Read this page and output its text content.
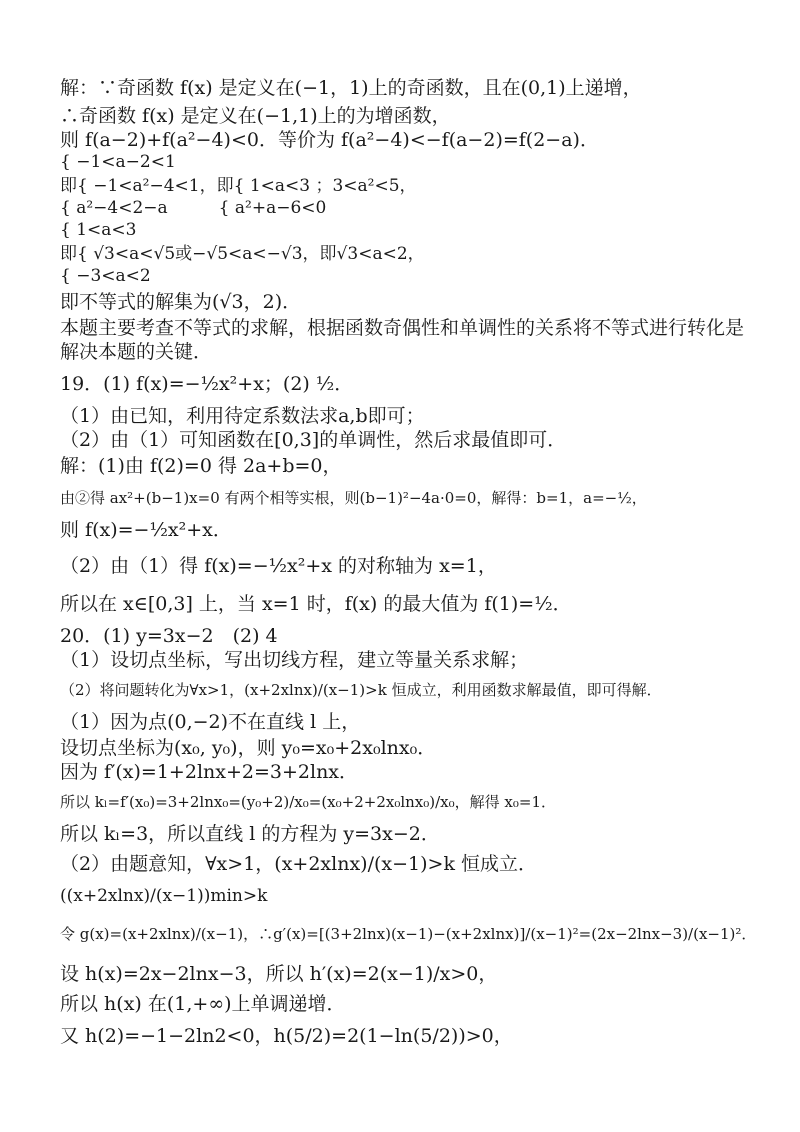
解：∵奇函数 f(x) 是定义在(−1，1)上的奇函数，且在(0,1)上递增，
∴奇函数 f(x) 是定义在(−1,1)上的为增函数，
则 f(a−2)+f(a²−4)<0．等价为 f(a²−4)<−f(a−2)=f(2−a)．
{ −1<a−2<1
即{ −1<a²−4<1，即{ 1<a<3 ；3<a²<5，
{ a²−4<2−a　　　{ a²+a−6<0
{ 1<a<3
即{ √3<a<√5或−√5<a<−√3，即√3<a<2，
{ −3<a<2
即不等式的解集为(√3，2)．
本题主要考查不等式的求解，根据函数奇偶性和单调性的关系将不等式进行转化是
解决本题的关键．
19．(1) f(x)=−½x²+x；(2) ½．
（1）由已知，利用待定系数法求a,b即可；
（2）由（1）可知函数在[0,3]的单调性，然后求最值即可．
解：(1)由 f(2)=0 得 2a+b=0，
由②得 ax²+(b−1)x=0 有两个相等实根，则(b−1)²−4a·0=0，解得：b=1，a=−½，
则 f(x)=−½x²+x．
（2）由（1）得 f(x)=−½x²+x 的对称轴为 x=1，
所以在 x∈[0,3] 上，当 x=1 时，f(x) 的最大值为 f(1)=½．
20．(1) y=3x−2　(2) 4
（1）设切点坐标，写出切线方程，建立等量关系求解；
（2）将问题转化为∀x>1，(x+2xlnx)/(x−1)>k 恒成立，利用函数求解最值，即可得解．
（1）因为点(0,−2)不在直线 l 上，
设切点坐标为(x₀, y₀)，则 y₀=x₀+2x₀lnx₀．
因为 f′(x)=1+2lnx+2=3+2lnx．
所以 kₗ=f′(x₀)=3+2lnx₀=(y₀+2)/x₀=(x₀+2+2x₀lnx₀)/x₀，解得 x₀=1．
所以 kₗ=3，所以直线 l 的方程为 y=3x−2．
（2）由题意知，∀x>1，(x+2xlnx)/(x−1)>k 恒成立．
((x+2xlnx)/(x−1))min>k
令 g(x)=(x+2xlnx)/(x−1)，∴g′(x)=[(3+2lnx)(x−1)−(x+2xlnx)]/(x−1)²=(2x−2lnx−3)/(x−1)²．
设 h(x)=2x−2lnx−3，所以 h′(x)=2(x−1)/x>0，
所以 h(x) 在(1,+∞)上单调递增．
又 h(2)=−1−2ln2<0，h(5/2)=2(1−ln(5/2))>0，
